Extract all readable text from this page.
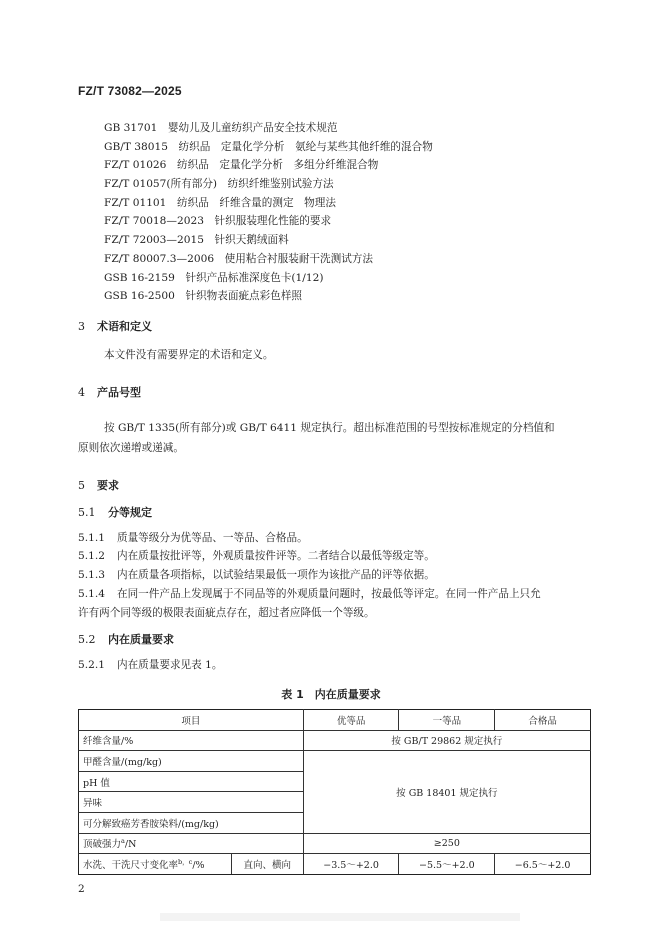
FZ/T 73082—2025
GB 31701　婴幼儿及儿童纺织产品安全技术规范
GB/T 38015　纺织品　定量化学分析　氨纶与某些其他纤维的混合物
FZ/T 01026　纺织品　定量化学分析　多组分纤维混合物
FZ/T 01057(所有部分)　纺织纤维鉴别试验方法
FZ/T 01101　纺织品　纤维含量的测定　物理法
FZ/T 70018—2023　针织服装理化性能的要求
FZ/T 72003—2015　针织天鹅绒面料
FZ/T 80007.3—2006　使用粘合衬服装耐干洗测试方法
GSB 16-2159　针织产品标准深度色卡(1/12)
GSB 16-2500　针织物表面疵点彩色样照
3 术语和定义
本文件没有需要界定的术语和定义。
4 产品号型
按 GB/T 1335(所有部分)或 GB/T 6411 规定执行。超出标准范围的号型按标准规定的分档值和
原则依次递增或递减。
5 要求
5.1 分等规定
5.1.1 质量等级分为优等品、一等品、合格品。
5.1.2 内在质量按批评等，外观质量按件评等。二者结合以最低等级定等。
5.1.3 内在质量各项指标，以试验结果最低一项作为该批产品的评等依据。
5.1.4 在同一件产品上发现属于不同品等的外观质量问题时，按最低等评定。在同一件产品上只允
许有两个同等级的极限表面疵点存在，超过者应降低一个等级。
5.2 内在质量要求
5.2.1 内在质量要求见表 1。
表 1　内在质量要求
项目		优等品	一等品	合格品
纤维含量/%		按 GB/T 29862 规定执行		
甲醛含量/(mg/kg)		按 GB 18401 规定执行		
pH 值				
异味				
可分解致癌芳香胺染料/(mg/kg)				
顶破强力$^a$/N		≥250		
水洗、干洗尺寸变化率$^{b,c}$/%	直向、横向	−3.5～+2.0	−5.5～+2.0	−6.5～+2.0
2
